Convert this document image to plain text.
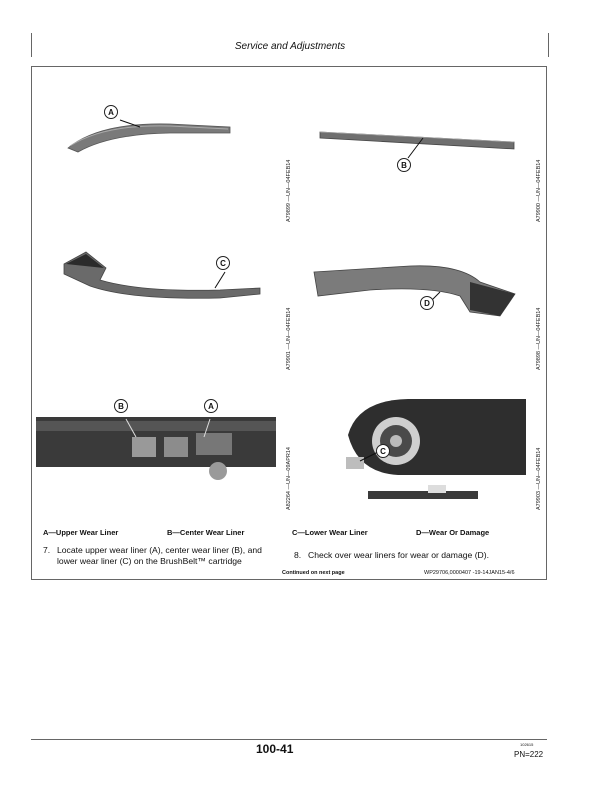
Service and Adjustments
A
A79899 —UN—04FEB14	B	A79900 —UN—04FEB14
C
A79901 —UN—04FEB14
D
A79898 —UN—04FEB14
B	A
A82264 —UN—09APR14	C	A79903 —UN—04FEB14
A—Upper Wear Liner	B—Center Wear Liner	C—Lower Wear Liner	D—Wear Or Damage
7. Locate upper wear liner (A), center wear liner (B), and
lower wear liner (C) on the BrushBelt™ cartridge
8. Check over wear liners for wear or damage (D).
Continued on next page	WP29706,0000407 -19-14JAN15-4/6
100-41	102615
PN=222
